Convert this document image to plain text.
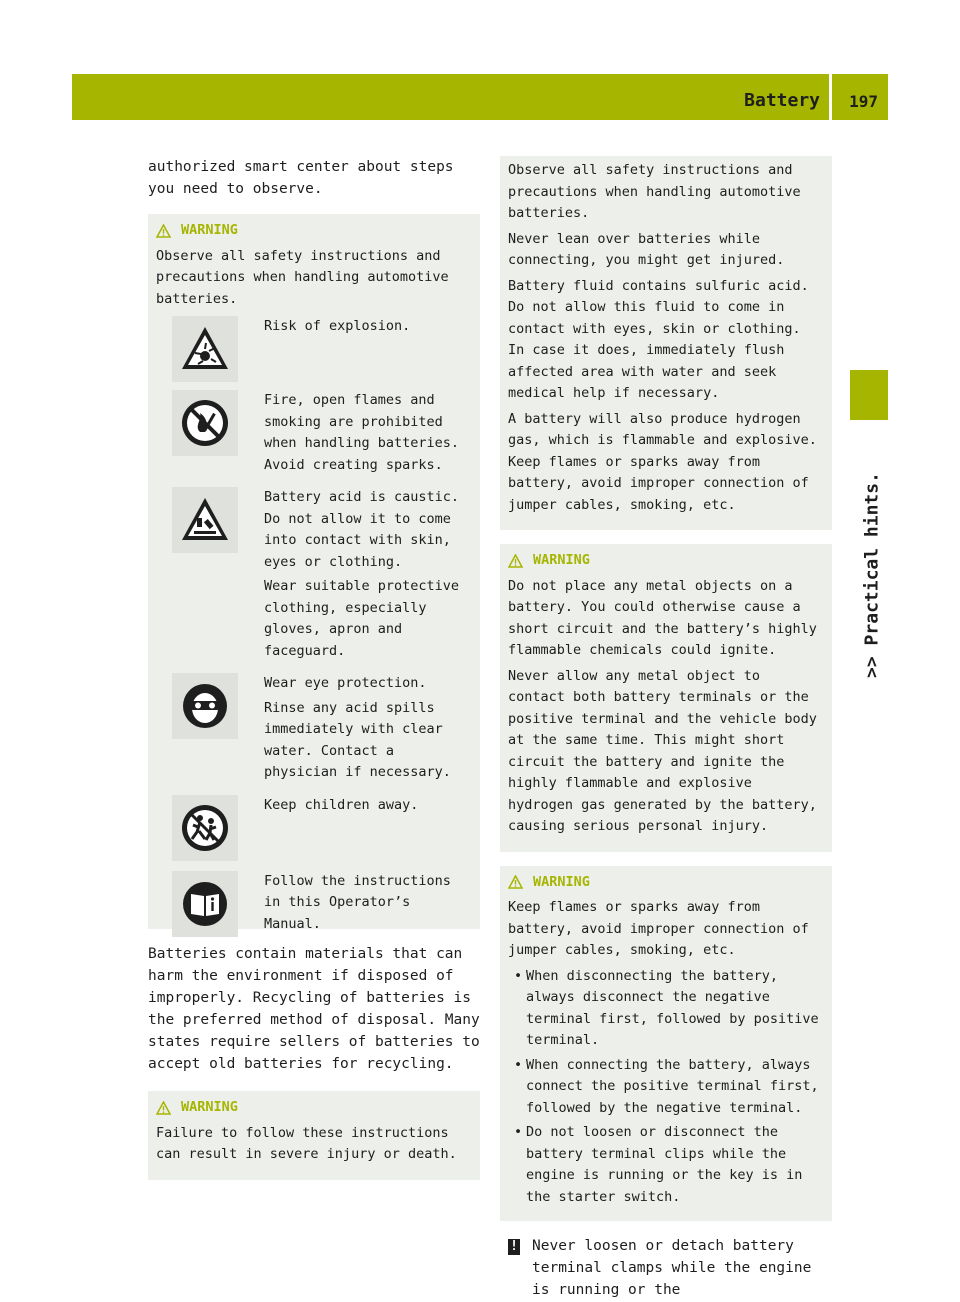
Battery 197
>> Practical hints.

authorized smart center about steps you need to observe.

WARNING

Observe all safety instructions and precautions when handling automotive batteries.

Risk of explosion.

Fire, open flames and smoking are prohibited when handling batteries. Avoid creating sparks.

Battery acid is caustic. Do not allow it to come into contact with skin, eyes or clothing.

Wear suitable protective clothing, especially gloves, apron and faceguard.

Wear eye protection.

Rinse any acid spills immediately with clear water. Contact a physician if necessary.

Keep children away.

Follow the instructions in this Operator’s Manual.

Batteries contain materials that can harm the environment if disposed of improperly. Recycling of batteries is the preferred method of disposal. Many states require sellers of batteries to accept old batteries for recycling.

WARNING

Failure to follow these instructions can result in severe injury or death.

Observe all safety instructions and precautions when handling automotive batteries.

Never lean over batteries while connecting, you might get injured.

Battery fluid contains sulfuric acid. Do not allow this fluid to come in contact with eyes, skin or clothing. In case it does, immediately flush affected area with water and seek medical help if necessary.

A battery will also produce hydrogen gas, which is flammable and explosive. Keep flames or sparks away from battery, avoid improper connection of jumper cables, smoking, etc.

WARNING

Do not place any metal objects on a battery. You could otherwise cause a short circuit and the battery’s highly flammable chemicals could ignite.

Never allow any metal object to contact both battery terminals or the positive terminal and the vehicle body at the same time. This might short circuit the battery and ignite the highly flammable and explosive hydrogen gas generated by the battery, causing serious personal injury.

WARNING

Keep flames or sparks away from battery, avoid improper connection of jumper cables, smoking, etc.

• When disconnecting the battery, always disconnect the negative terminal first, followed by positive terminal.
• When connecting the battery, always connect the positive terminal first, followed by the negative terminal.
• Do not loosen or disconnect the battery terminal clips while the engine is running or the key is in the starter switch.
! Never loosen or detach battery terminal clamps while the engine is running or the
